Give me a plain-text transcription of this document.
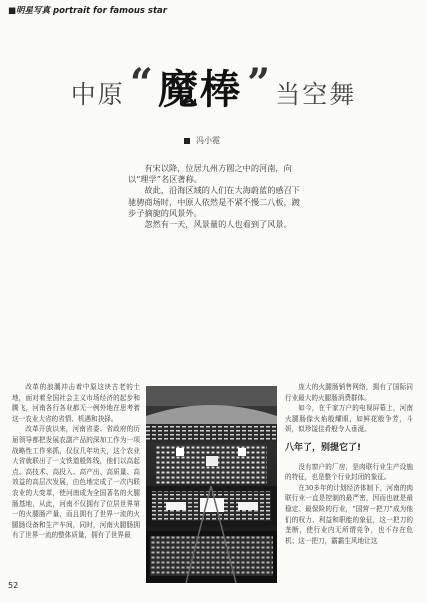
■明星写真 portrait for famous star
中原 “ 魔棒 ” 当空舞
冯小霓

有宋以降，位居九州方圆之中的河南，向以“理学”名区著称。

故此，沿海区域的人们在大海蔚蓝的感召下驰骋商场时，中原人依然是不紧不慢二八板，踱步子摘旎的风景外。

忽然有一天，风景量的人也看到了风景。

改革的浪潮冲击着中原这块古老的土地，面对着全国社会主义市场经济的起步和腾飞，河南各行各业都无一例外地在思考着这一农业大省的省情、机遇和抉择。

改革开放以来，河南省委、省政府的历届领导都把发展农副产品的深加工作为一项战略性工作来抓，仅仅几年功夫，这个农业大省就联出了一支铁道般阵线，他们以高起点、高技术、高投入、高产出、高质量、高效益的高层次发展，由色地完成了一次内联农业的大变革，使河南成为全国著名的火腿肠基地，从此，河南不仅拥有了位居世界第一的火腿肠产量，而且拥有了世界一流的火腿肠设备和生产车间，同时，河南火腿肠拥有了世界一流的整体质量，拥有了世界最

庞大的火腿肠销售网络，拥有了国际同行业最大的火腿肠消费群体。

如今，在千家万户的电视屏幕上，河南火腿肠像火焰般耀眼，如鲜花般争芳，斗妍，似珍馐佳肴般令人垂涎。

八年了，别提它了!

没有窗户的厂房，是肉联行业生产设施的特征，也是整个行业封闭的象征。

在30多年的计划经济体制下，河南的肉联行业一直是控制的最严密，因而也就是最稳定、最保险的行业，“国营一把刀”成为他们的权力、利益和职能的象征，这一把刀的垄断，使行业内无所谓竞争，也不存在危机；这一把刀，霸霸生风地让这

52
